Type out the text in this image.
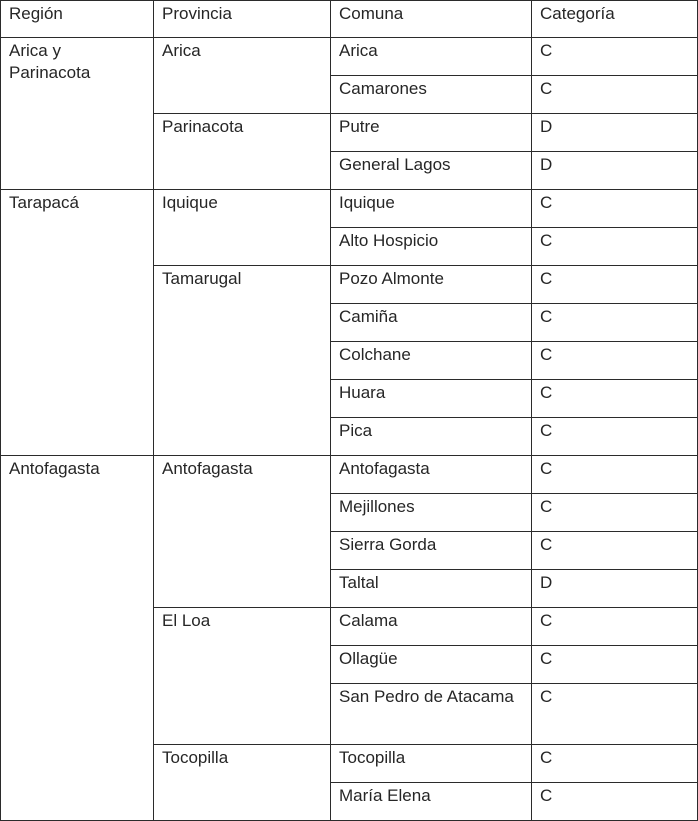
Región	Provincia	Comuna	Categoría
Arica y Parinacota	Arica	Arica	C
		Camarones	C
	Parinacota	Putre	D
		General Lagos	D
Tarapacá	Iquique	Iquique	C
		Alto Hospicio	C
	Tamarugal	Pozo Almonte	C
		Camiña	C
		Colchane	C
		Huara	C
		Pica	C
Antofagasta	Antofagasta	Antofagasta	C
		Mejillones	C
		Sierra Gorda	C
		Taltal	D
	El Loa	Calama	C
		Ollagüe	C
		San Pedro de Atacama	C
	Tocopilla	Tocopilla	C
		María Elena	C
